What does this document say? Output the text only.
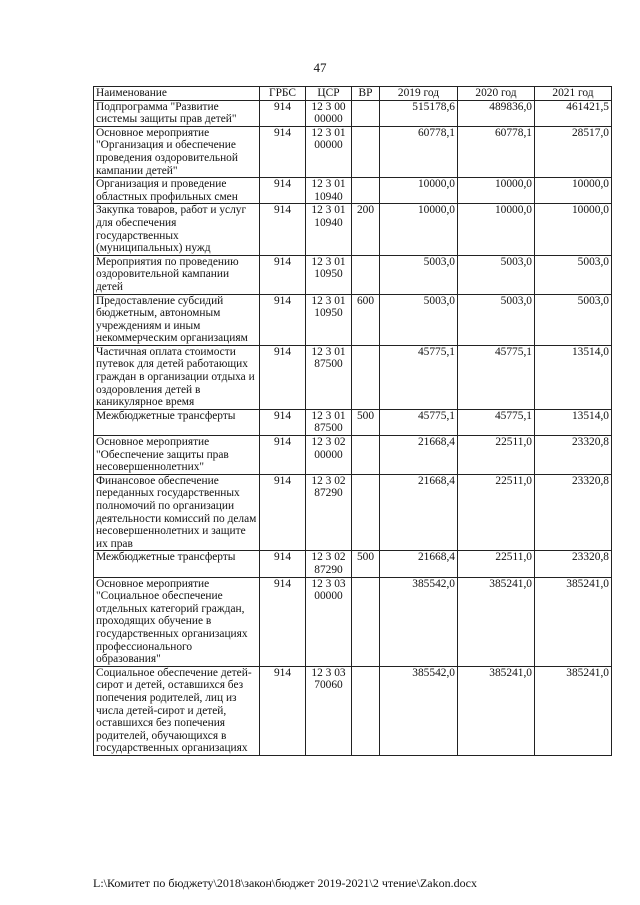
47
Наименование	ГРБС	ЦСР	ВР	2019 год	2020 год	2021 год
Подпрограмма "Развитие системы защиты прав детей"	914	12 3 00 00000		515178,6	489836,0	461421,5
Основное мероприятие "Организация и обеспечение проведения оздоровительной кампании детей"	914	12 3 01 00000		60778,1	60778,1	28517,0
Организация и проведение областных профильных смен	914	12 3 01 10940		10000,0	10000,0	10000,0
Закупка товаров, работ и услуг для обеспечения государственных (муниципальных) нужд	914	12 3 01 10940	200	10000,0	10000,0	10000,0
Мероприятия по проведению оздоровительной кампании детей	914	12 3 01 10950		5003,0	5003,0	5003,0
Предоставление субсидий бюджетным, автономным учреждениям и иным некоммерческим организациям	914	12 3 01 10950	600	5003,0	5003,0	5003,0
Частичная оплата стоимости путевок для детей работающих граждан в организации отдыха и оздоровления детей в каникулярное время	914	12 3 01 87500		45775,1	45775,1	13514,0
Межбюджетные трансферты	914	12 3 01 87500	500	45775,1	45775,1	13514,0
Основное мероприятие "Обеспечение защиты прав несовершеннолетних"	914	12 3 02 00000		21668,4	22511,0	23320,8
Финансовое обеспечение переданных государственных полномочий по организации деятельности комиссий по делам несовершеннолетних и защите их прав	914	12 3 02 87290		21668,4	22511,0	23320,8
Межбюджетные трансферты	914	12 3 02 87290	500	21668,4	22511,0	23320,8
Основное мероприятие "Социальное обеспечение отдельных категорий граждан, проходящих обучение в государственных организациях профессионального образования"	914	12 3 03 00000		385542,0	385241,0	385241,0
Социальное обеспечение детей-сирот и детей, оставшихся без попечения родителей, лиц из числа детей-сирот и детей, оставшихся без попечения родителей, обучающихся в государственных организациях	914	12 3 03 70060		385542,0	385241,0	385241,0
L:\Комитет по бюджету\2018\закон\бюджет 2019-2021\2 чтение\Zakon.docx
